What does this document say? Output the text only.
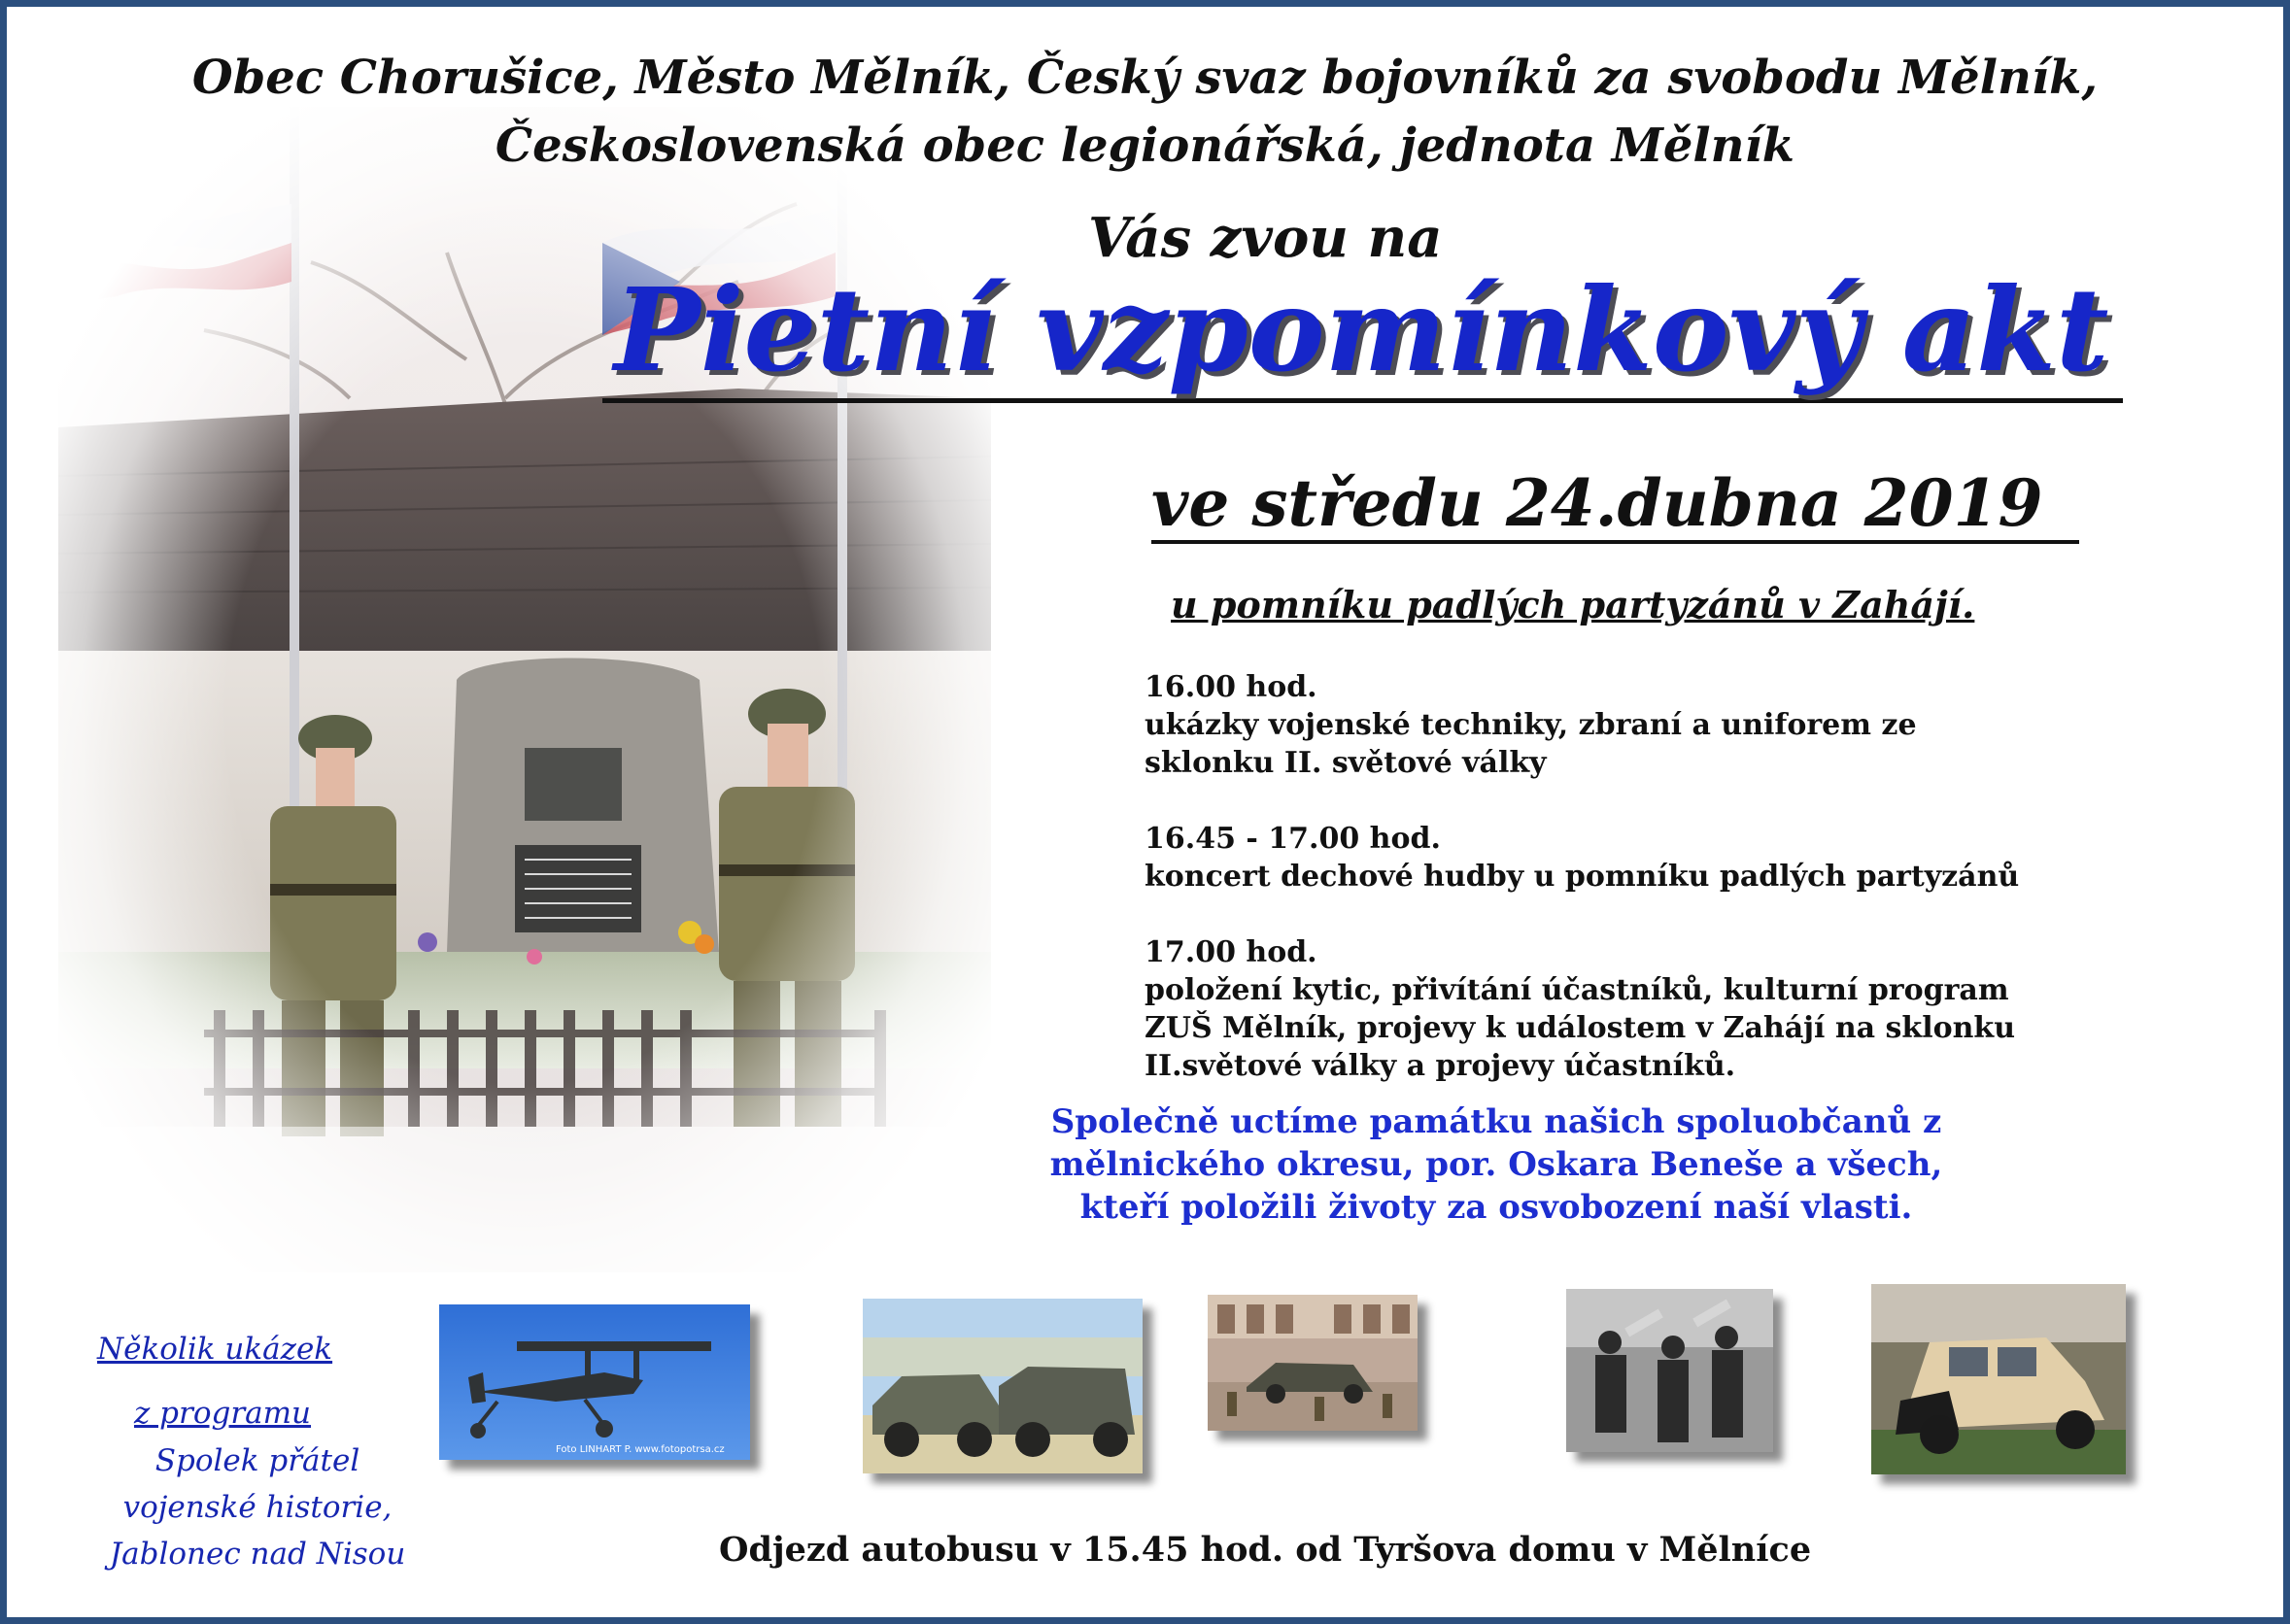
Obec Chorušice, Město Mělník, Český svaz bojovníků za svobodu Mělník,

Československá obec legionářská, jednota Mělník

Vás zvou na

Pietní vzpomínkový akt

ve středu 24.dubna 2019

u pomníku padlých partyzánů v Zahájí.

16.00 hod.
ukázky vojenské techniky, zbraní a uniforem ze
sklonku II. světové války
16.45 - 17.00 hod.
koncert dechové hudby u pomníku padlých partyzánů
17.00 hod.
položení kytic, přivítání účastníků, kulturní program
ZUŠ Mělník, projevy k událostem v Zahájí na sklonku
II.světové války a projevy účastníků.
Společně uctíme památku našich spoluobčanů z
mělnického okresu, por. Oskara Beneše a všech,
kteří položili životy za osvobození naší vlasti.
Několik ukázek
z programu

Spolek přátel vojenské historie, Jablonec nad Nisou

Foto LINHART P. www.fotopotrsa.cz

Odjezd autobusu v 15.45 hod. od Tyršova domu v Mělníce
